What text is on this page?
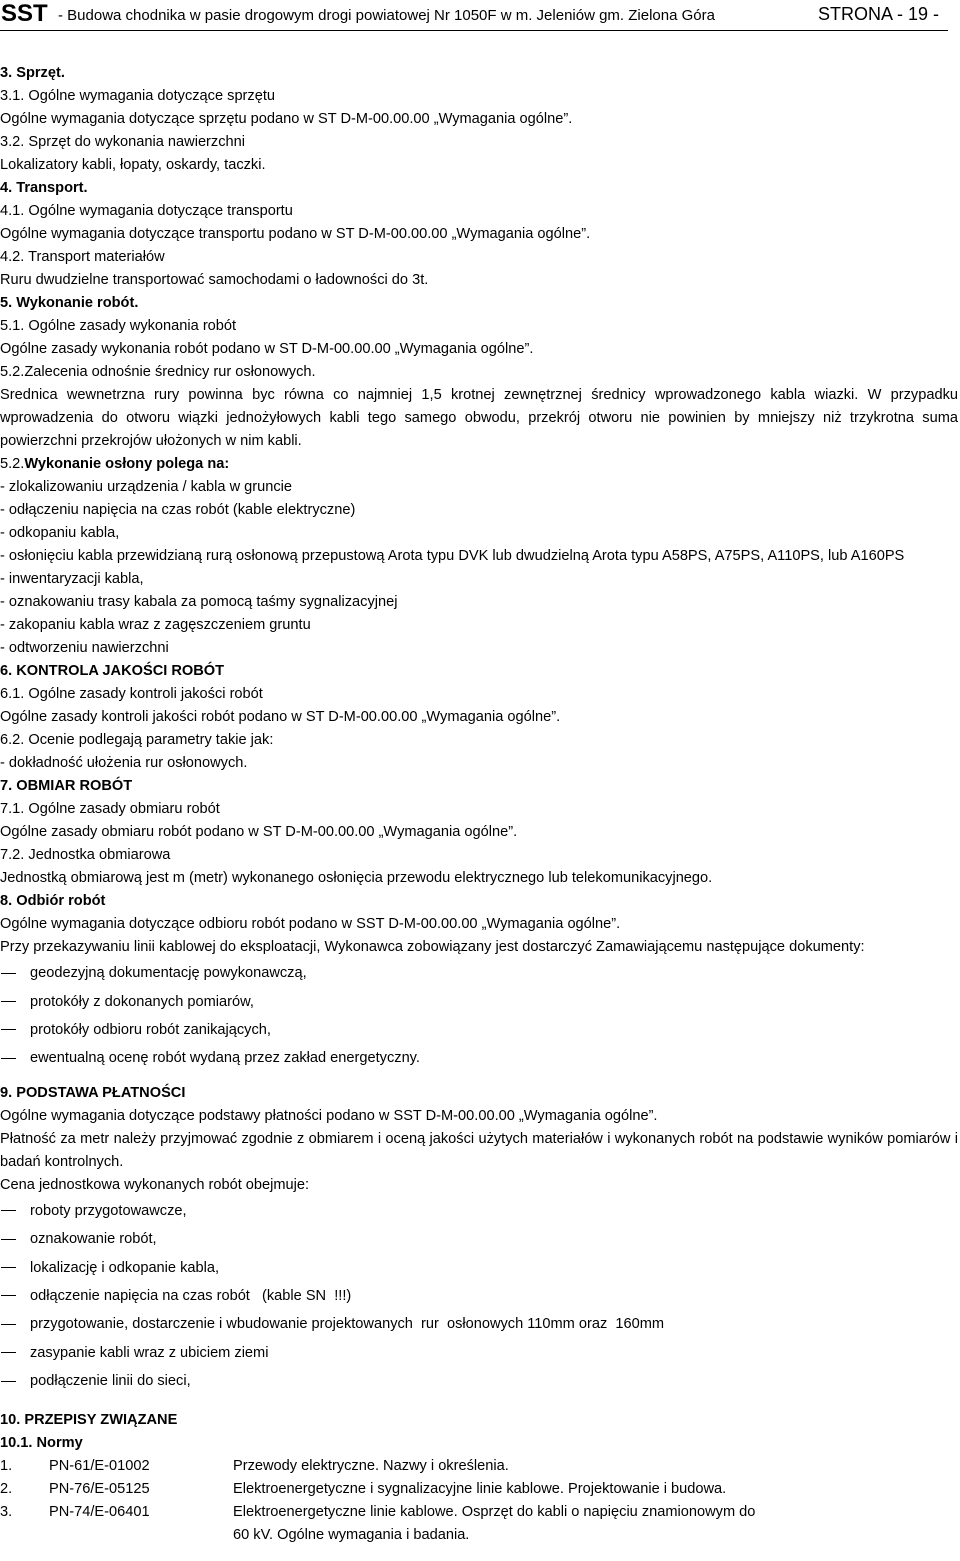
SST - Budowa chodnika w pasie drogowym drogi powiatowej Nr 1050F w m. Jeleniów gm. Zielona Góra	STRONA - 19 -
3. Sprzęt.
3.1. Ogólne wymagania dotyczące sprzętu
Ogólne wymagania dotyczące sprzętu podano w ST D-M-00.00.00 „Wymagania ogólne”.
3.2. Sprzęt do wykonania nawierzchni
Lokalizatory kabli, łopaty, oskardy, taczki.
4. Transport.
4.1. Ogólne wymagania dotyczące transportu
Ogólne wymagania dotyczące transportu podano w ST D-M-00.00.00 „Wymagania ogólne”.
4.2. Transport materiałów
Ruru dwudzielne transportować samochodami o ładowności do 3t.
5. Wykonanie robót.
5.1. Ogólne zasady wykonania robót
Ogólne zasady wykonania robót podano w ST D-M-00.00.00 „Wymagania ogólne”.
5.2.Zalecenia odnośnie średnicy rur osłonowych.
Srednica wewnetrzna rury powinna byc równa co najmniej 1,5 krotnej zewnętrznej średnicy wprowadzonego kabla wiazki. W przypadku wprowadzenia do otworu wiązki jednożyłowych kabli tego samego obwodu, przekrój otworu nie powinien by mniejszy niż trzykrotna suma powierzchni przekrojów ułożonych w nim kabli.
5.2.Wykonanie osłony polega na:
- zlokalizowaniu urządzenia / kabla w gruncie
- odłączeniu napięcia na czas robót (kable elektryczne)
- odkopaniu kabla,
- osłonięciu kabla przewidzianą rurą osłonową przepustową Arota typu DVK lub dwudzielną Arota typu A58PS, A75PS, A110PS, lub A160PS
- inwentaryzacji kabla,
- oznakowaniu trasy kabala za pomocą taśmy sygnalizacyjnej
- zakopaniu kabla wraz z zagęszczeniem gruntu
- odtworzeniu nawierzchni
6. KONTROLA JAKOŚCI ROBÓT
6.1. Ogólne zasady kontroli jakości robót
Ogólne zasady kontroli jakości robót podano w ST D-M-00.00.00 „Wymagania ogólne”.
6.2. Ocenie podlegają parametry takie jak:
- dokładność ułożenia rur osłonowych.
7. OBMIAR ROBÓT
7.1. Ogólne zasady obmiaru robót
Ogólne zasady obmiaru robót podano w ST D-M-00.00.00 „Wymagania ogólne”.
7.2. Jednostka obmiarowa
Jednostką obmiarową jest m (metr) wykonanego osłonięcia przewodu elektrycznego lub telekomunikacyjnego.
8. Odbiór robót
Ogólne wymagania dotyczące odbioru robót podano w SST D-M-00.00.00 „Wymagania ogólne”.
Przy przekazywaniu linii kablowej do eksploatacji, Wykonawca zobowiązany jest dostarczyć Zamawiającemu następujące dokumenty:
geodezyjną dokumentację powykonawczą,
protokóły z dokonanych pomiarów,
protokóły odbioru robót zanikających,
ewentualną ocenę robót wydaną przez zakład energetyczny.
9. PODSTAWA PŁATNOŚCI
Ogólne wymagania dotyczące podstawy płatności podano w SST D-M-00.00.00 „Wymagania ogólne”.
Płatność za metr należy przyjmować zgodnie z obmiarem i oceną jakości użytych materiałów i wykonanych robót na podstawie wyników pomiarów i badań kontrolnych.
Cena jednostkowa wykonanych robót obejmuje:
roboty przygotowawcze,
oznakowanie robót,
lokalizację i odkopanie kabla,
odłączenie napięcia na czas robót   (kable SN  !!!)
przygotowanie, dostarczenie i wbudowanie projektowanych  rur  osłonowych 110mm oraz  160mm
zasypanie kabli wraz z ubiciem ziemi
podłączenie linii do sieci,
10. PRZEPISY ZWIĄZANE
10.1. Normy
1.	PN-61/E-01002	Przewody elektryczne. Nazwy i określenia.
2.	PN-76/E-05125	Elektroenergetyczne i sygnalizacyjne linie kablowe. Projektowanie i budowa.
3.	PN-74/E-06401	Elektroenergetyczne linie kablowe. Osprzęt do kabli o napięciu znamionowym do 60 kV. Ogólne wymagania i badania.
